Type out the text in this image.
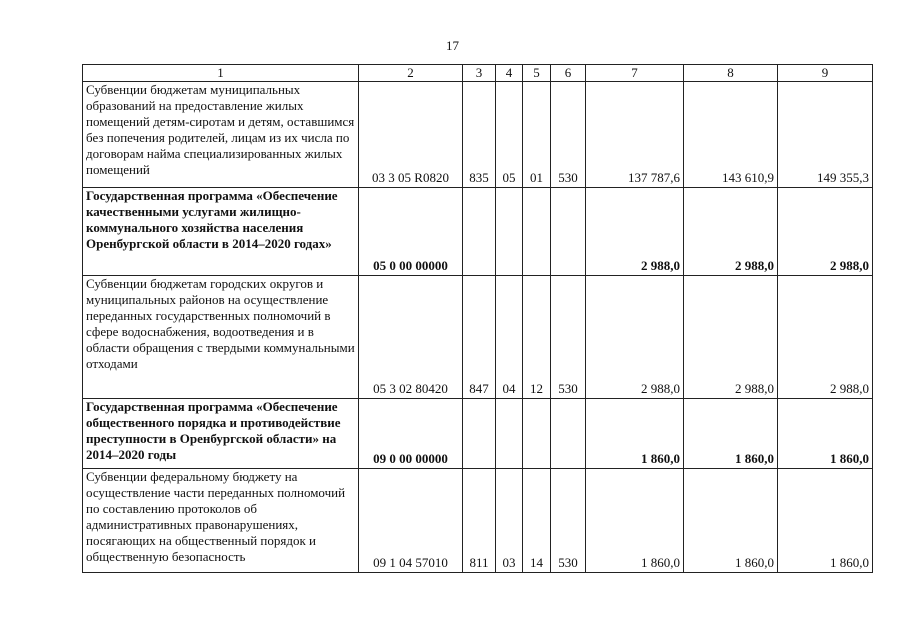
17
1	2	3	4	5	6	7	8	9
Субвенции бюджетам муниципальных образований на предоставление жилых помещений детям-сиротам и детям, оставшимся без попечения родителей, лицам из их числа по договорам найма специализированных жилых помещений	03 3 05 R0820	835	05	01	530	137 787,6	143 610,9	149 355,3
Государственная программа «Обеспечение качественными услугами жилищно-коммунального хозяйства населения Оренбургской области в 2014–2020 годах»	05 0 00 00000					2 988,0	2 988,0	2 988,0
Субвенции бюджетам городских округов и муниципальных районов на осуществление переданных государственных полномочий в сфере водоснабжения, водоотведения и в области обращения с твердыми коммунальными отходами	05 3 02 80420	847	04	12	530	2 988,0	2 988,0	2 988,0
Государственная программа «Обеспечение общественного порядка и противодействие преступности в Оренбургской области» на 2014–2020 годы	09 0 00 00000					1 860,0	1 860,0	1 860,0
Субвенции федеральному бюджету на осуществление части переданных полномочий по составлению протоколов об административных правонарушениях, посягающих на общественный порядок и общественную безопасность	09 1 04 57010	811	03	14	530	1 860,0	1 860,0	1 860,0
